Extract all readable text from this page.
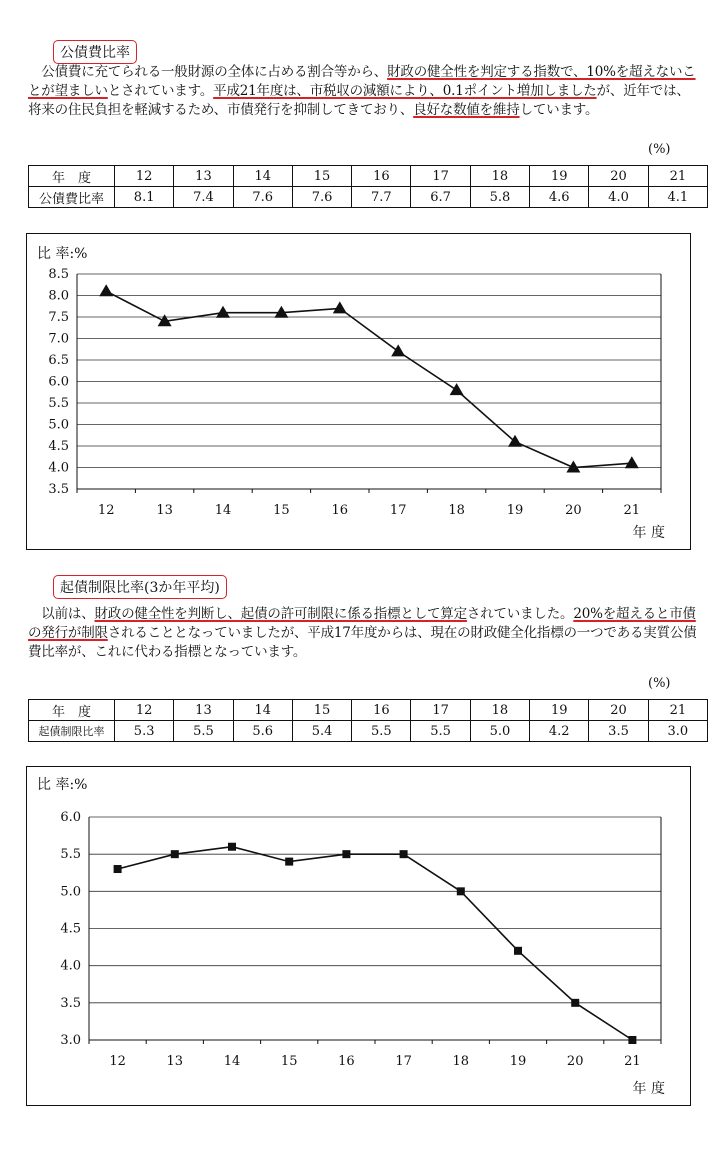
公債費比率

　公債費に充てられる一般財源の全体に占める割合等から、財政の健全性を判定する指数で、10%を超えないことが望ましいとされています。平成21年度は、市税収の減額により、0.1ポイント増加しましたが、近年では、将来の住民負担を軽減するため、市債発行を抑制してきており、良好な数値を維持しています。

(%)
年　度	12	13	14	15	16	17	18	19	20	21
公債費比率	8.1	7.4	7.6	7.6	7.7	6.7	5.8	4.6	4.0	4.1
比 率:%
8.5
8.0
7.5
7.0
6.5
6.0
5.5
5.0
4.5
4.0
3.5
12	13	14	15	16	17	18	19	20	21
年 度
起債制限比率(3か年平均)

　以前は、財政の健全性を判断し、起債の許可制限に係る指標として算定されていました。20%を超えると市債の発行が制限されることとなっていましたが、平成17年度からは、現在の財政健全化指標の一つである実質公債費比率が、これに代わる指標となっています。

(%)
年　度	12	13	14	15	16	17	18	19	20	21
起債制限比率	5.3	5.5	5.6	5.4	5.5	5.5	5.0	4.2	3.5	3.0
比 率:%
6.0
5.5
5.0
4.5
4.0
3.5
3.0
12	13	14	15	16	17	18	19	20	21
年 度
